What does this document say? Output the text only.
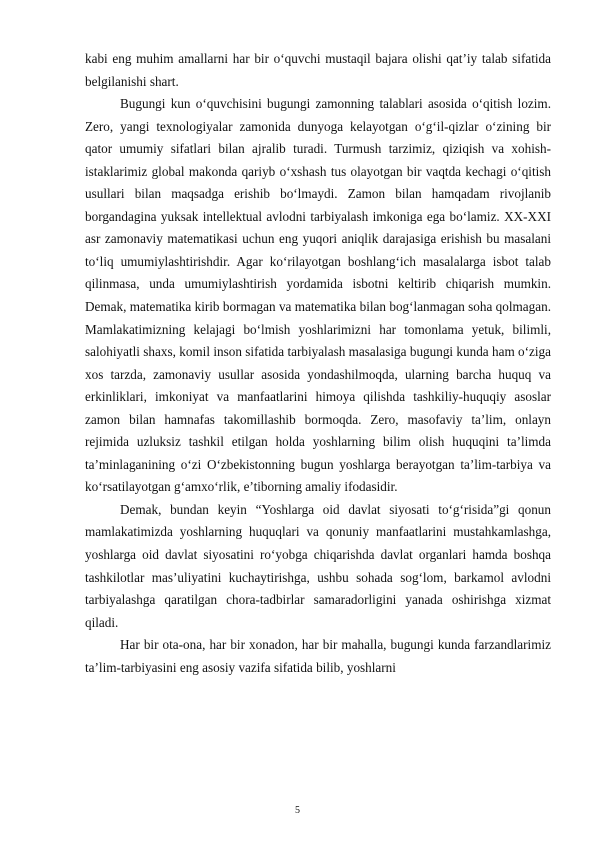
kabi eng muhim amallarni har bir o‘quvchi mustaqil bajara olishi qat’iy talab sifatida belgilanishi shart.

Bugungi kun o‘quvchisini bugungi zamonning talablari asosida o‘qitish lozim. Zero, yangi texnologiyalar zamonida dunyoga kelayotgan o‘g‘il-qizlar o‘zining bir qator umumiy sifatlari bilan ajralib turadi. Turmush tarzimiz, qiziqish va xohish-istaklarimiz global makonda qariyb o‘xshash tus olayotgan bir vaqtda kechagi o‘qitish usullari bilan maqsadga erishib bo‘lmaydi. Zamon bilan hamqadam rivojlanib borgandagina yuksak intellektual avlodni tarbiyalash imkoniga ega bo‘lamiz. XX-XXI asr zamonaviy matematikasi uchun eng yuqori aniqlik darajasiga erishish bu masalani to‘liq umumiylashtirishdir. Agar ko‘rilayotgan boshlang‘ich masalalarga isbot talab qilinmasa, unda umumiylashtirish yordamida isbotni keltirib chiqarish mumkin. Demak, matematika kirib bormagan va matematika bilan bog‘lanmagan soha qolmagan. Mamlakatimizning kelajagi bo‘lmish yoshlarimizni har tomonlama yetuk, bilimli, salohiyatli shaxs, komil inson sifatida tarbiyalash masalasiga bugungi kunda ham o‘ziga xos tarzda, zamonaviy usullar asosida yondashilmoqda, ularning barcha huquq va erkinliklari, imkoniyat va manfaatlarini himoya qilishda tashkiliy-huquqiy asoslar zamon bilan hamnafas takomillashib bormoqda. Zero, masofaviy ta’lim, onlayn rejimida uzluksiz tashkil etilgan holda yoshlarning bilim olish huquqini ta’limda ta’minlaganining o‘zi O‘zbekistonning bugun yoshlarga berayotgan ta’lim-tarbiya va ko‘rsatilayotgan g‘amxo‘rlik, e’tiborning amaliy ifodasidir.

Demak, bundan keyin “Yoshlarga oid davlat siyosati to‘g‘risida”gi qonun mamlakatimizda yoshlarning huquqlari va qonuniy manfaatlarini mustahkamlashga, yoshlarga oid davlat siyosatini ro‘yobga chiqarishda davlat organlari hamda boshqa tashkilotlar mas’uliyatini kuchaytirishga, ushbu sohada sog‘lom, barkamol avlodni tarbiyalashga qaratilgan chora-tadbirlar samaradorligini yanada oshirishga xizmat qiladi.

Har bir ota-ona, har bir xonadon, har bir mahalla, bugungi kunda farzandlarimiz ta’lim-tarbiyasini eng asosiy vazifa sifatida bilib, yoshlarni

5
